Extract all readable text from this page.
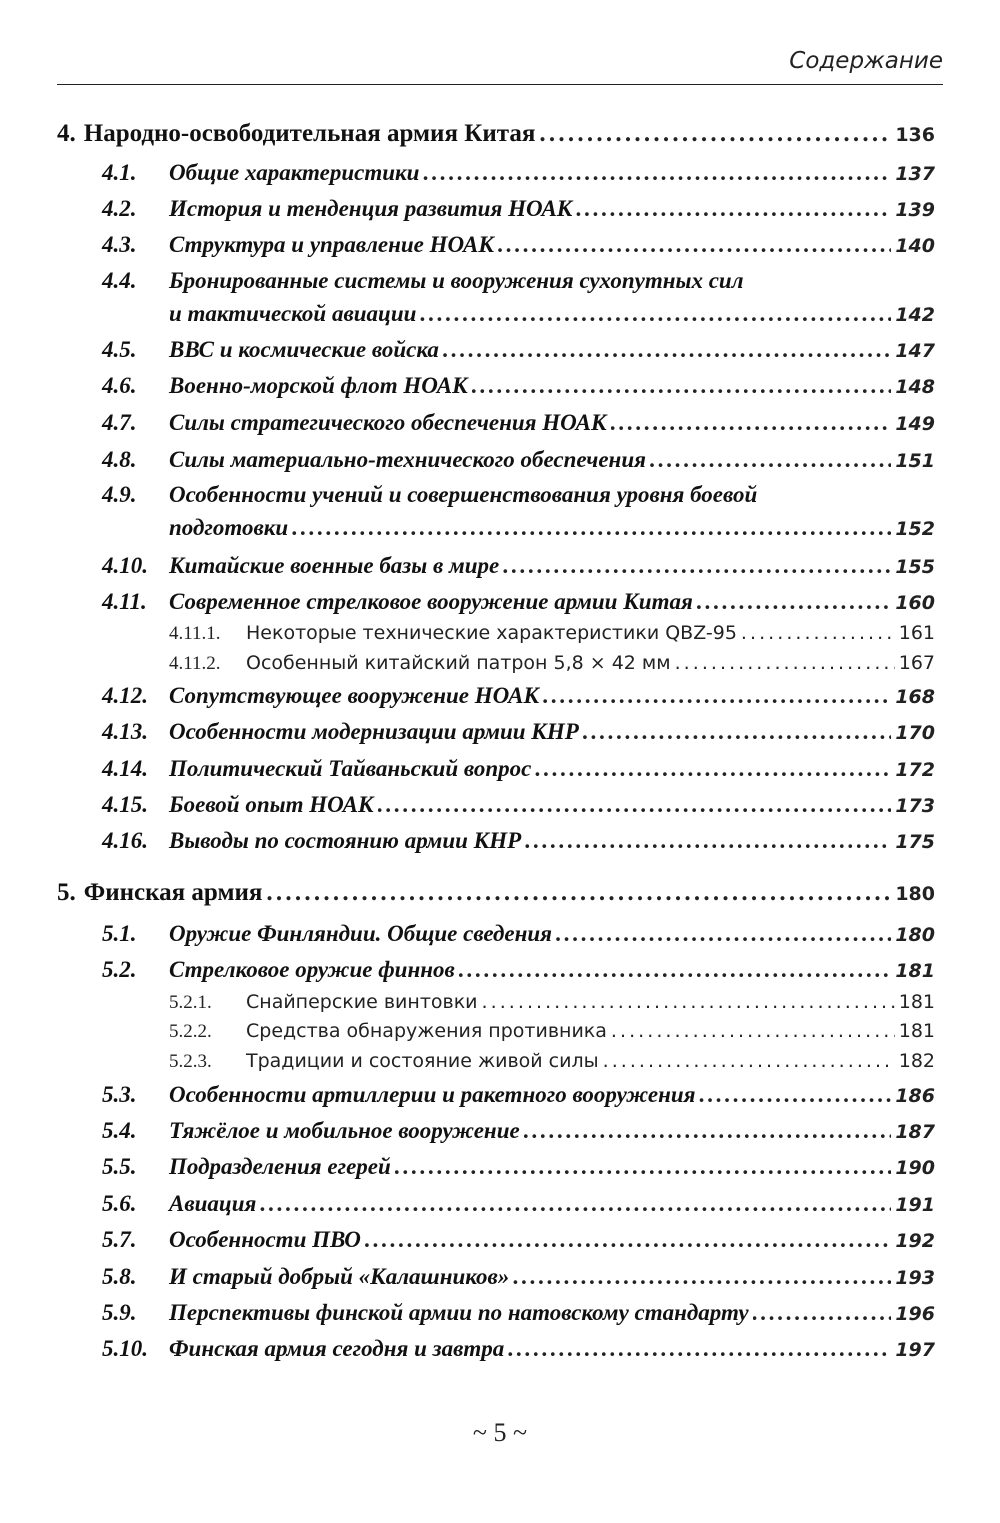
Содержание
4. Народно-освободительная армия Китая . . .	136
4.1.	Общие характеристики . . .	137
4.2.	История и тенденция развития НОАК . . .	139
4.3.	Структура и управление НОАК . . .	140
4.4.	Бронированные системы и вооружения сухопутных сил
и тактической авиации . . .	142
4.5.	ВВС и космические войска . . .	147
4.6.	Военно-морской флот НОАК . . .	148
4.7.	Силы стратегического обеспечения НОАК . . .	149
4.8.	Силы материально-технического обеспечения . . .	151
4.9.	Особенности учений и совершенствования уровня боевой
подготовки . . .	152
4.10. Китайские военные базы в мире . . .	155
4.11. Современное стрелковое вооружение армии Китая . . .	160
4.11.1.	Некоторые технические характеристики QBZ-95 . . .	161
4.11.2.	Особенный китайский патрон 5,8 × 42 мм . . .	167
4.12. Сопутствующее вооружение НОАК . . .	168
4.13. Особенности модернизации армии КНР . . .	170
4.14. Политический Тайваньский вопрос . . .	172
4.15. Боевой опыт НОАК . . .	173
4.16. Выводы по состоянию армии КНР . . .	175
5. Финская армия . . .	180
5.1.	Оружие Финляндии. Общие сведения . . .	180
5.2.	Стрелковое оружие финнов . . .	181
5.2.1.	Снайперские винтовки . . .	181
5.2.2.	Средства обнаружения противника . . .	181
5.2.3.	Традиции и состояние живой силы . . .	182
5.3.	Особенности артиллерии и ракетного вооружения . . .	186
5.4.	Тяжёлое и мобильное вооружение . . .	187
5.5.	Подразделения егерей . . .	190
5.6.	Авиация . . .	191
5.7.	Особенности ПВО . . .	192
5.8.	И старый добрый «Калашников» . . .	193
5.9.	Перспективы финской армии по натовскому стандарту . . .	196
5.10. Финская армия сегодня и завтра . . .	197
~ 5 ~
